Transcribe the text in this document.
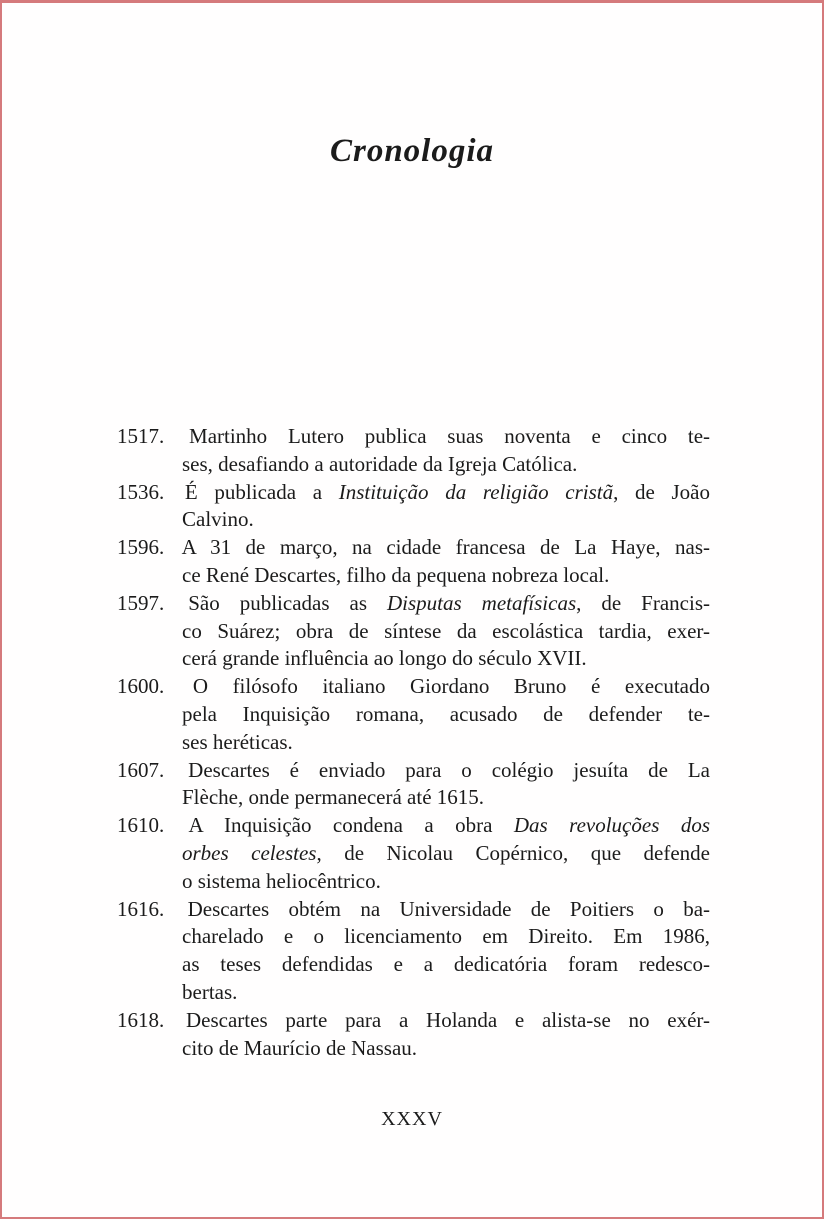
Cronologia
1517. Martinho Lutero publica suas noventa e cinco te-
ses, desafiando a autoridade da Igreja Católica.
1536. É publicada a Instituição da religião cristã, de João
Calvino.
1596. A 31 de março, na cidade francesa de La Haye, nas-
ce René Descartes, filho da pequena nobreza local.
1597. São publicadas as Disputas metafísicas, de Francis-
co Suárez; obra de síntese da escolástica tardia, exer-
cerá grande influência ao longo do século XVII.
1600. O filósofo italiano Giordano Bruno é executado
pela Inquisição romana, acusado de defender te-
ses heréticas.
1607. Descartes é enviado para o colégio jesuíta de La
Flèche, onde permanecerá até 1615.
1610. A Inquisição condena a obra Das revoluções dos
orbes celestes, de Nicolau Copérnico, que defende
o sistema heliocêntrico.
1616. Descartes obtém na Universidade de Poitiers o ba-
charelado e o licenciamento em Direito. Em 1986,
as teses defendidas e a dedicatória foram redesco-
bertas.
1618. Descartes parte para a Holanda e alista-se no exér-
cito de Maurício de Nassau.
XXXV
